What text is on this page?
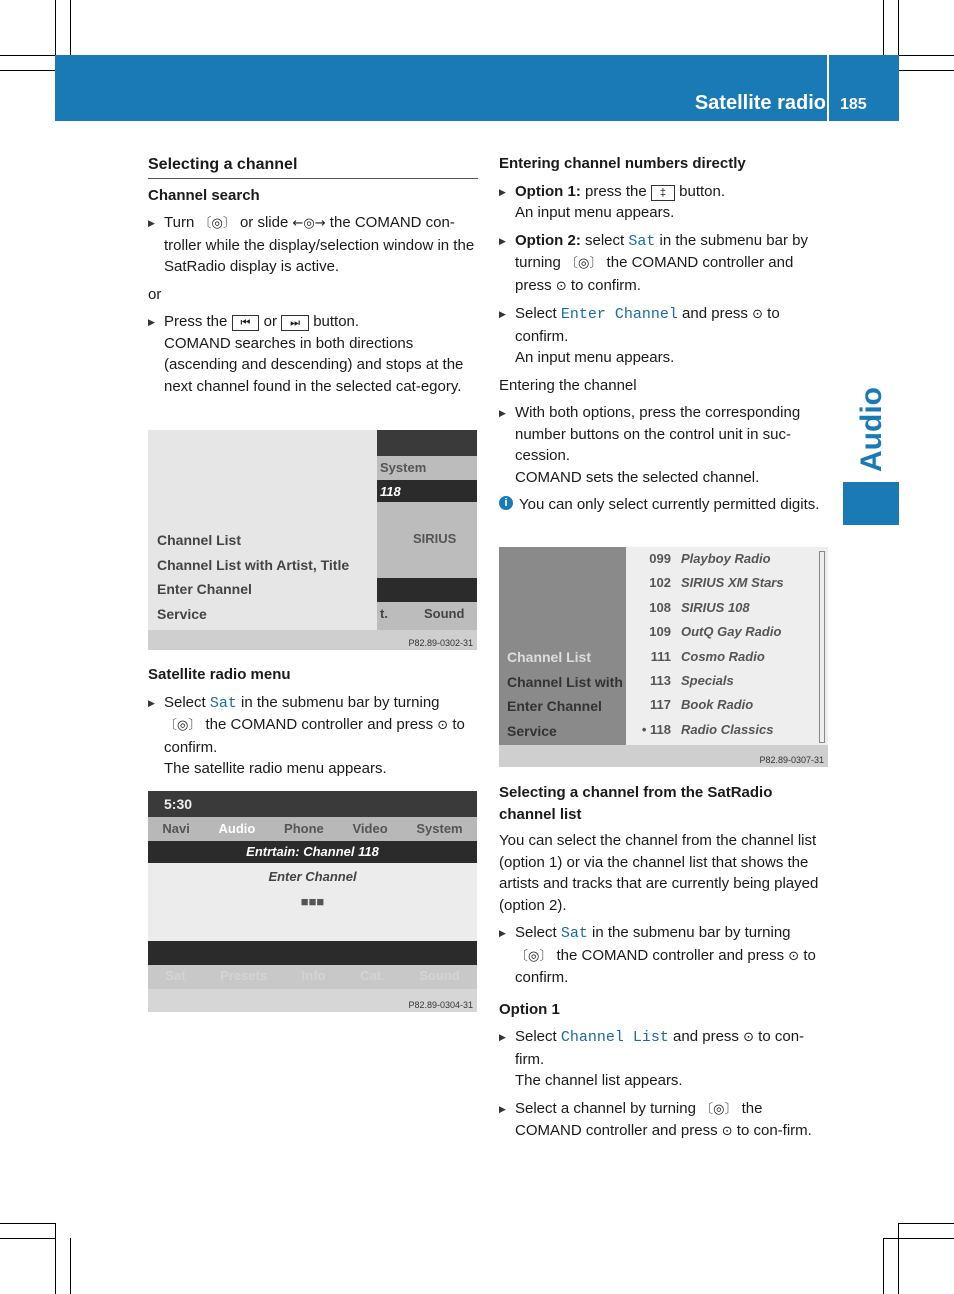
Satellite radio 185
Audio
Selecting a channel
Channel search
▶ Turn 〔◎〕 or slide ←◎→ the COMAND con-troller while the display/selection window in the SatRadio display is active.
or
▶ Press the ⏮ or ⏭ button.
COMAND searches in both directions (ascending and descending) and stops at the next channel found in the selected cat-egory.
System
118
SIRIUS
t.	Sound
Channel List
Channel List with Artist, Title
Enter Channel
Service
P82.89-0302-31
Satellite radio menu
▶ Select Sat in the submenu bar by turning 〔◎〕 the COMAND controller and press ⊙ to confirm.
The satellite radio menu appears.
5:30
Navi Audio Phone Video System
Entrtain: Channel 118
Enter Channel
■■■
Sat	Presets	Info	Cat.	Sound
P82.89-0304-31
Entering channel numbers directly
▶ Option 1: press the ‡ button.
An input menu appears.
▶ Option 2: select Sat in the submenu bar by turning 〔◎〕 the COMAND controller and press ⊙ to confirm.
▶ Select Enter Channel and press ⊙ to confirm.
An input menu appears.
Entering the channel
▶ With both options, press the corresponding number buttons on the control unit in suc-cession.
COMAND sets the selected channel.
i You can only select currently permitted digits.
Channel List
Channel List with
Enter Channel
Service
099 Playboy Radio
102 SIRIUS XM Stars
108 SIRIUS 108
109 OutQ Gay Radio
111 Cosmo Radio
113 Specials
117 Book Radio
• 118 Radio Classics
P82.89-0307-31
Selecting a channel from the SatRadio channel list
You can select the channel from the channel list (option 1) or via the channel list that shows the artists and tracks that are currently being played (option 2).
▶ Select Sat in the submenu bar by turning 〔◎〕 the COMAND controller and press ⊙ to confirm.
Option 1
▶ Select Channel List and press ⊙ to con-firm.
The channel list appears.
▶ Select a channel by turning 〔◎〕 the COMAND controller and press ⊙ to con-firm.
